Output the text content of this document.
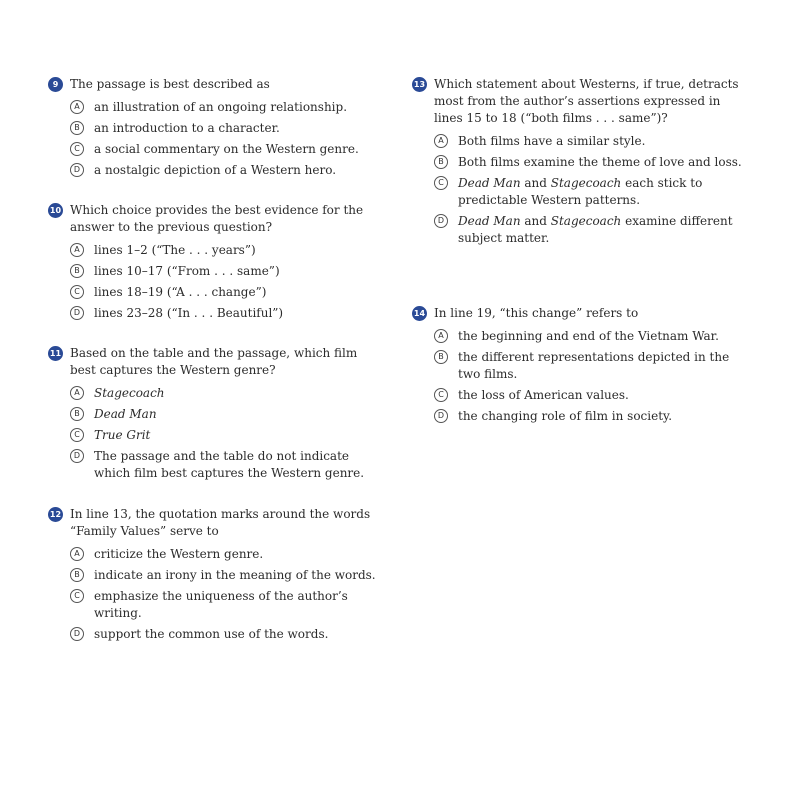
9 The passage is best described as
A	an illustration of an ongoing relationship.
B	an introduction to a character.
C	a social commentary on the Western genre.
D	a nostalgic depiction of a Western hero.
10 Which choice provides the best evidence for the answer to the previous question?
A	lines 1–2 (“The . . . years”)
B	lines 10–17 (“From . . . same”)
C	lines 18–19 (“A . . . change”)
D	lines 23–28 (“In . . . Beautiful”)
11 Based on the table and the passage, which film best captures the Western genre?
A	Stagecoach
B	Dead Man
C	True Grit
D	The passage and the table do not indicate which film best captures the Western genre.
12 In line 13, the quotation marks around the words “Family Values” serve to
A	criticize the Western genre.
B	indicate an irony in the meaning of the words.
C	emphasize the uniqueness of the author’s writing.
D	support the common use of the words.
13 Which statement about Westerns, if true, detracts most from the author’s assertions expressed in lines 15 to 18 (“both films . . . same”)?
A	Both films have a similar style.
B	Both films examine the theme of love and loss.
C	Dead Man and Stagecoach each stick to predictable Western patterns.
D	Dead Man and Stagecoach examine different subject matter.
14 In line 19, “this change” refers to
A	the beginning and end of the Vietnam War.
B	the different representations depicted in the two films.
C	the loss of American values.
D	the changing role of film in society.
